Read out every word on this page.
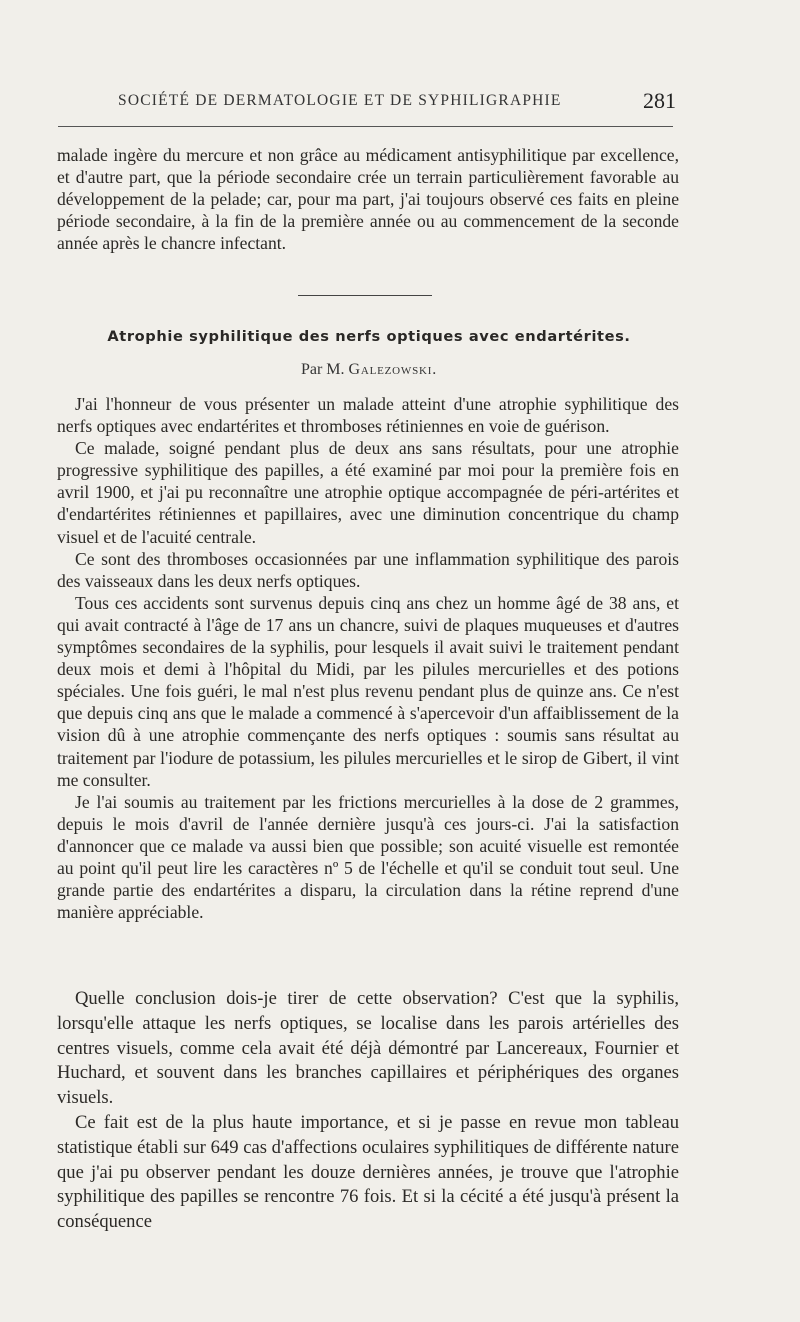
SOCIÉTÉ DE DERMATOLOGIE ET DE SYPHILIGRAPHIE	281

malade ingère du mercure et non grâce au médicament antisyphilitique par excellence, et d'autre part, que la période secondaire crée un terrain particulièrement favorable au développement de la pelade; car, pour ma part, j'ai toujours observé ces faits en pleine période secondaire, à la fin de la première année ou au commencement de la seconde année après le chancre infectant.

Atrophie syphilitique des nerfs optiques avec endartérites.
Par M. Galezowski.

J'ai l'honneur de vous présenter un malade atteint d'une atrophie syphilitique des nerfs optiques avec endartérites et thromboses rétiniennes en voie de guérison.

Ce malade, soigné pendant plus de deux ans sans résultats, pour une atrophie progressive syphilitique des papilles, a été examiné par moi pour la première fois en avril 1900, et j'ai pu reconnaître une atrophie optique accompagnée de péri-artérites et d'endartérites rétiniennes et papillaires, avec une diminution concentrique du champ visuel et de l'acuité centrale.

Ce sont des thromboses occasionnées par une inflammation syphilitique des parois des vaisseaux dans les deux nerfs optiques.

Tous ces accidents sont survenus depuis cinq ans chez un homme âgé de 38 ans, et qui avait contracté à l'âge de 17 ans un chancre, suivi de plaques muqueuses et d'autres symptômes secondaires de la syphilis, pour lesquels il avait suivi le traitement pendant deux mois et demi à l'hôpital du Midi, par les pilules mercurielles et des potions spéciales. Une fois guéri, le mal n'est plus revenu pendant plus de quinze ans. Ce n'est que depuis cinq ans que le malade a commencé à s'apercevoir d'un affaiblissement de la vision dû à une atrophie commençante des nerfs optiques : soumis sans résultat au traitement par l'iodure de potassium, les pilules mercurielles et le sirop de Gibert, il vint me consulter.

Je l'ai soumis au traitement par les frictions mercurielles à la dose de 2 grammes, depuis le mois d'avril de l'année dernière jusqu'à ces jours-ci. J'ai la satisfaction d'annoncer que ce malade va aussi bien que possible; son acuité visuelle est remontée au point qu'il peut lire les caractères nº 5 de l'échelle et qu'il se conduit tout seul. Une grande partie des endartérites a disparu, la circulation dans la rétine reprend d'une manière appréciable.

Quelle conclusion dois-je tirer de cette observation? C'est que la syphilis, lorsqu'elle attaque les nerfs optiques, se localise dans les parois artérielles des centres visuels, comme cela avait été déjà démontré par Lancereaux, Fournier et Huchard, et souvent dans les branches capillaires et périphériques des organes visuels.

Ce fait est de la plus haute importance, et si je passe en revue mon tableau statistique établi sur 649 cas d'affections oculaires syphilitiques de différente nature que j'ai pu observer pendant les douze dernières années, je trouve que l'atrophie syphilitique des papilles se rencontre 76 fois. Et si la cécité a été jusqu'à présent la conséquence
